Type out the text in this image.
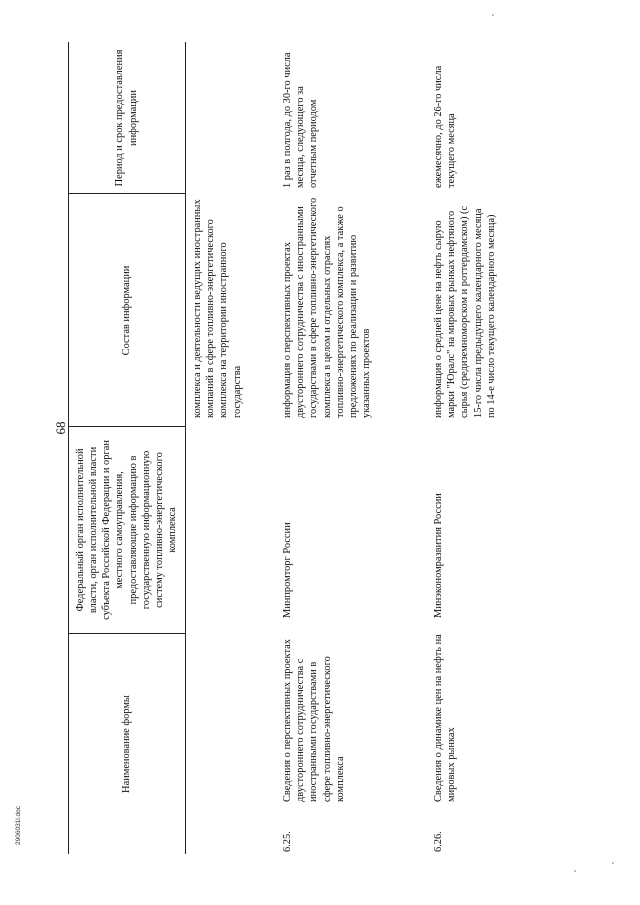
68
Наименование формы
Федеральный орган исполнительной власти, орган исполнительной власти субъекта Российской Федерации и орган местного самоуправления, предоставляющие информацию в государственную информационную систему топливно-энергетического комплекса
Состав информации
Период и срок предоставления информации
комплекса и деятельности ведущих иностранных компаний в сфере топливно-энергетического комплекса на территории иностранного государства
6.25.
Сведения о перспективных проектах двустороннего сотрудничества с иностранными государствами в сфере топливно-энергетического комплекса
Минпромторг России
информация о перспективных проектах двустороннего сотрудничества с иностранными государствами в сфере топливно-энергетического комплекса в целом и отдельных отраслях топливно-энергетического комплекса, а также о предложениях по реализации и развитию указанных проектов
1 раз в полгода, до 30-го числа месяца, следующего за отчетным периодом
6.26.
Сведения о динамике цен на нефть на мировых рынках
Минэкономразвития России
информация о средней цене на нефть сырую марки "Юралс" на мировых рынках нефтяного сырья (средиземноморском и роттердамском) (с 15-го числа предыдущего календарного месяца по 14-е число текущего календарного месяца)
ежемесячно, до 26-го числа текущего месяца
2906031l.doc
